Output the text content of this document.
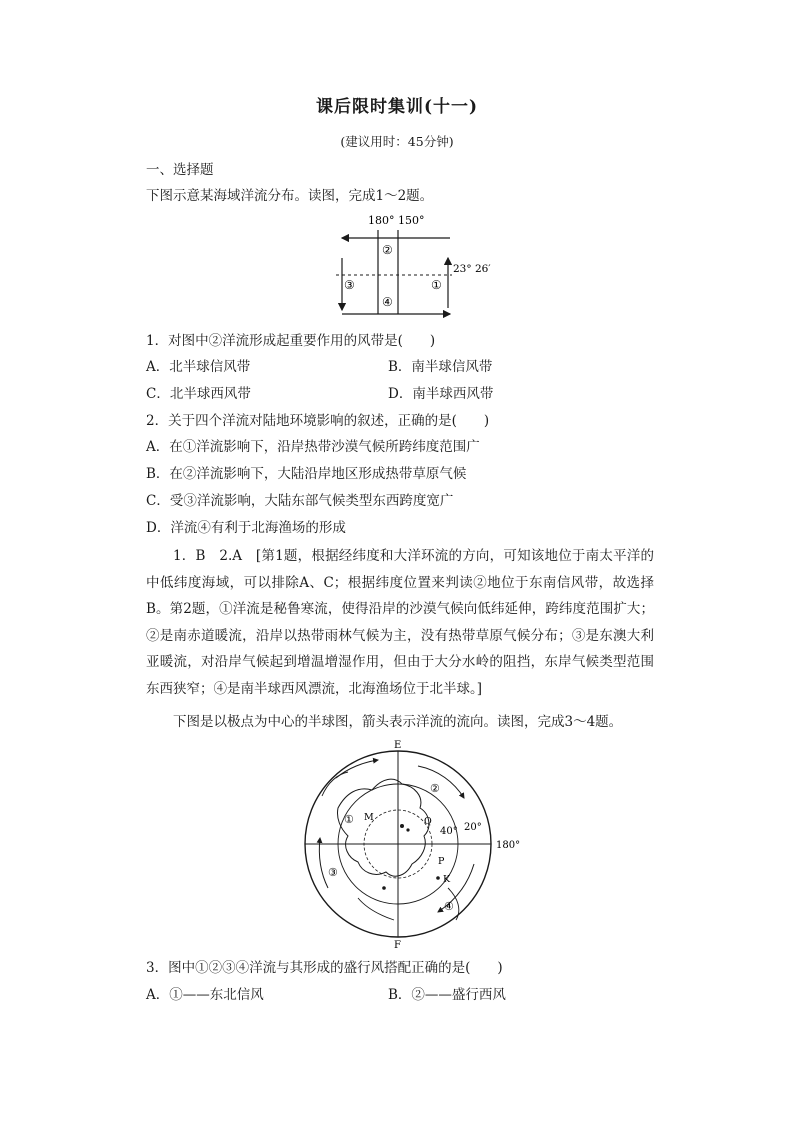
课后限时集训(十一)
(建议用时：45分钟)
一、选择题
下图示意某海域洋流分布。读图，完成1～2题。
180° 150°
23° 26′
②
③	①
④
1．对图中②洋流形成起重要作用的风带是(　　)
A．北半球信风带	B．南半球信风带
C．北半球西风带	D．南半球西风带
2．关于四个洋流对陆地环境影响的叙述，正确的是(　　)
A．在①洋流影响下，沿岸热带沙漠气候所跨纬度范围广
B．在②洋流影响下，大陆沿岸地区形成热带草原气候
C．受③洋流影响，大陆东部气候类型东西跨度宽广
D．洋流④有利于北海渔场的形成
1．B　2.A　[第1题，根据经纬度和大洋环流的方向，可知该地位于南太平洋的中低纬度海域，可以排除A、C；根据纬度位置来判读②地位于东南信风带，故选择B。第2题，①洋流是秘鲁寒流，使得沿岸的沙漠气候向低纬延伸，跨纬度范围扩大；②是南赤道暖流，沿岸以热带雨林气候为主，没有热带草原气候分布；③是东澳大利亚暖流，对沿岸气候起到增温增湿作用，但由于大分水岭的阻挡，东岸气候类型范围东西狭窄；④是南半球西风漂流，北海渔场位于北半球。]
下图是以极点为中心的半球图，箭头表示洋流的流向。读图，完成3～4题。
E
F
①
②
③
④
M	Q
P
K
40° 20°
180°
3．图中①②③④洋流与其形成的盛行风搭配正确的是(　　)
A．①——东北信风	B．②——盛行西风
